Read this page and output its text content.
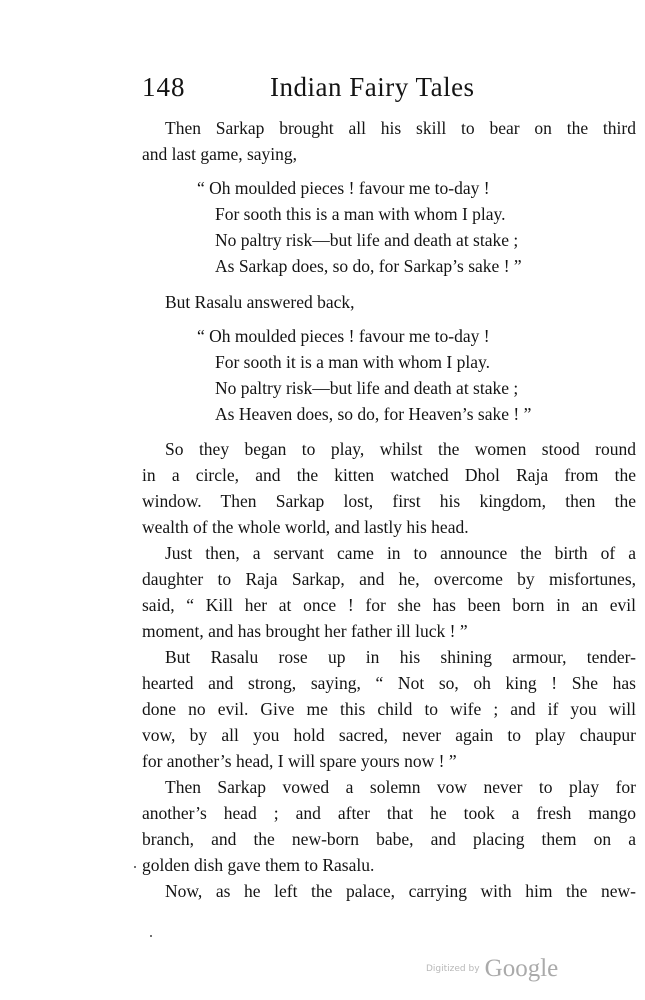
148	Indian Fairy Tales
Then Sarkap brought all his skill to bear on the third
and last game, saying,
“ Oh moulded pieces ! favour me to-day !
For sooth this is a man with whom I play.
No paltry risk—but life and death at stake ;
As Sarkap does, so do, for Sarkap’s sake ! ”
But Rasalu answered back,
“ Oh moulded pieces ! favour me to-day !
For sooth it is a man with whom I play.
No paltry risk—but life and death at stake ;
As Heaven does, so do, for Heaven’s sake ! ”
So they began to play, whilst the women stood round
in a circle, and the kitten watched Dhol Raja from the
window. Then Sarkap lost, first his kingdom, then the
wealth of the whole world, and lastly his head.
Just then, a servant came in to announce the birth of a
daughter to Raja Sarkap, and he, overcome by misfortunes,
said, “ Kill her at once ! for she has been born in an evil
moment, and has brought her father ill luck ! ”
But Rasalu rose up in his shining armour, tender-
hearted and strong, saying, “ Not so, oh king ! She has
done no evil. Give me this child to wife ; and if you will
vow, by all you hold sacred, never again to play chaupur
for another’s head, I will spare yours now ! ”
Then Sarkap vowed a solemn vow never to play for
another’s head ; and after that he took a fresh mango
branch, and the new-born babe, and placing them on a
golden dish gave them to Rasalu.
Now, as he left the palace, carrying with him the new-
Digitized by Google
